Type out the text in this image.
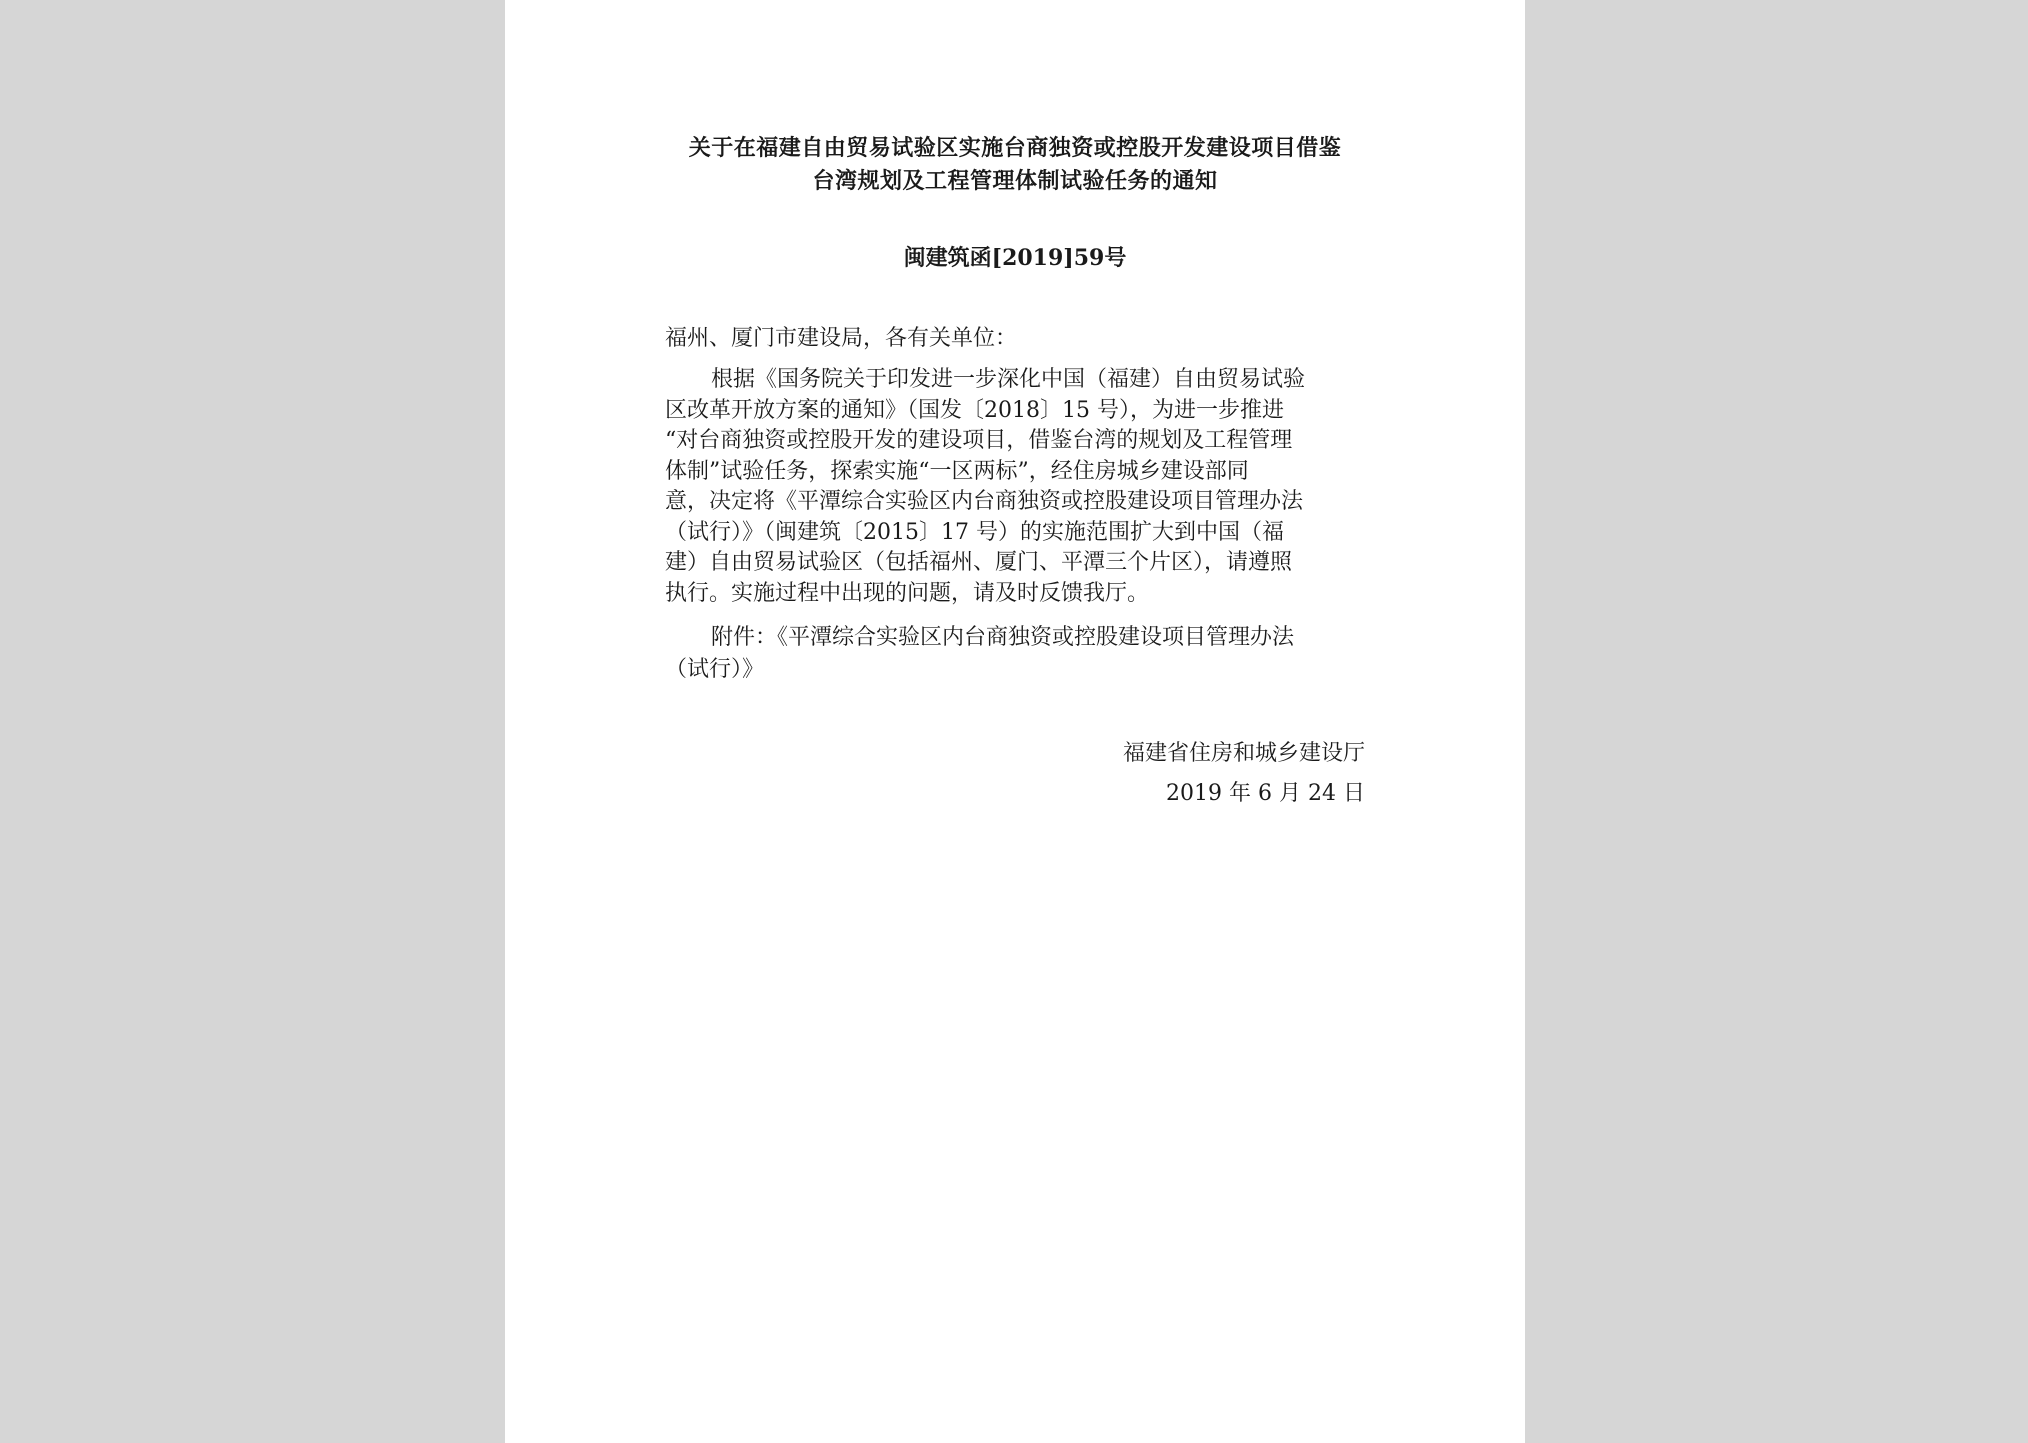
关于在福建自由贸易试验区实施台商独资或控股开发建设项目借鉴
台湾规划及工程管理体制试验任务的通知
闽建筑函[2019]59号
福州、厦门市建设局，各有关单位：
根据《国务院关于印发进一步深化中国（福建）自由贸易试验
区改革开放方案的通知》（国发〔2018〕15 号），为进一步推进
“对台商独资或控股开发的建设项目，借鉴台湾的规划及工程管理
体制”试验任务，探索实施“一区两标”，经住房城乡建设部同
意，决定将《平潭综合实验区内台商独资或控股建设项目管理办法
（试行）》（闽建筑〔2015〕17 号）的实施范围扩大到中国（福
建）自由贸易试验区（包括福州、厦门、平潭三个片区），请遵照
执行。实施过程中出现的问题，请及时反馈我厅。
附件：《平潭综合实验区内台商独资或控股建设项目管理办法
（试行）》
福建省住房和城乡建设厅
2019 年 6 月 24 日
